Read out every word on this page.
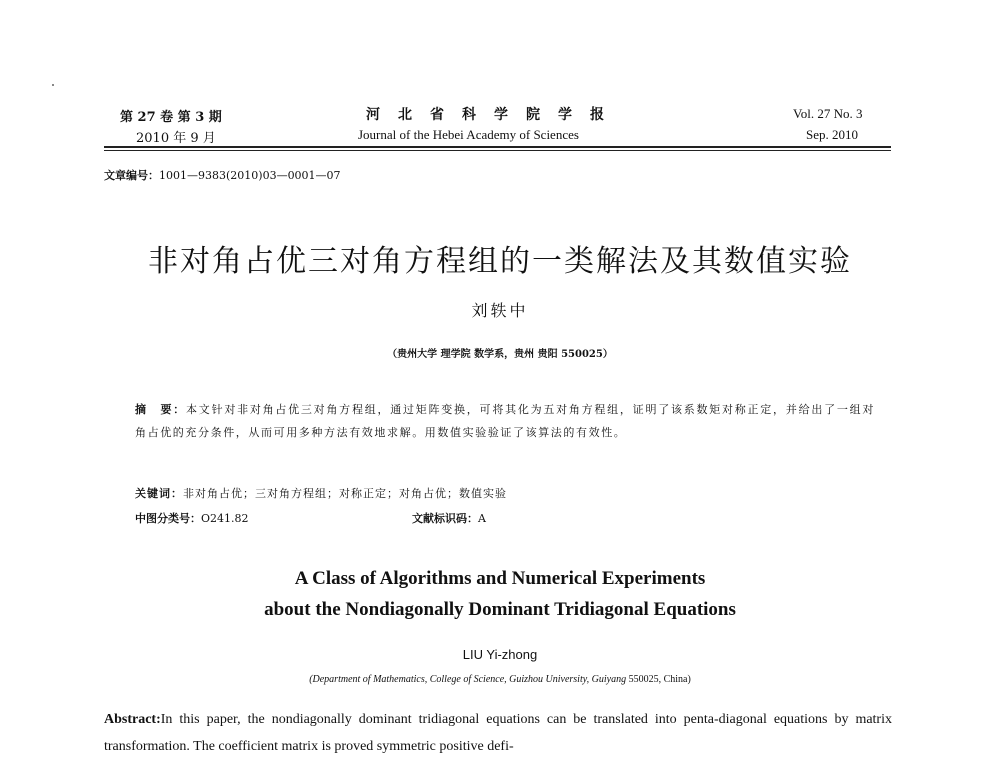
第 27 卷 第 3 期
2010 年 9 月
河北省科学院学报
Journal of the Hebei Academy of Sciences
Vol. 27 No. 3
Sep. 2010
文章编号：1001—9383(2010)03—0001—07
非对角占优三对角方程组的一类解法及其数值实验
刘轶中
（贵州大学 理学院 数学系，贵州 贵阳 550025）
摘　要：本文针对非对角占优三对角方程组，通过矩阵变换，可将其化为五对角方程组，证明了该系数矩对称正定，并给出了一组对角占优的充分条件，从而可用多种方法有效地求解。用数值实验验证了该算法的有效性。
关键词：非对角占优；三对角方程组；对称正定；对角占优；数值实验
中图分类号：O241.82	文献标识码：A
A Class of Algorithms and Numerical Experiments
about the Nondiagonally Dominant Tridiagonal Equations
LIU Yi-zhong
(Department of Mathematics, College of Science, Guizhou University, Guiyang 550025, China)
Abstract:In this paper, the nondiagonally dominant tridiagonal equations can be translated into penta-diagonal equations by matrix transformation. The coefficient matrix is proved symmetric positive defi-
